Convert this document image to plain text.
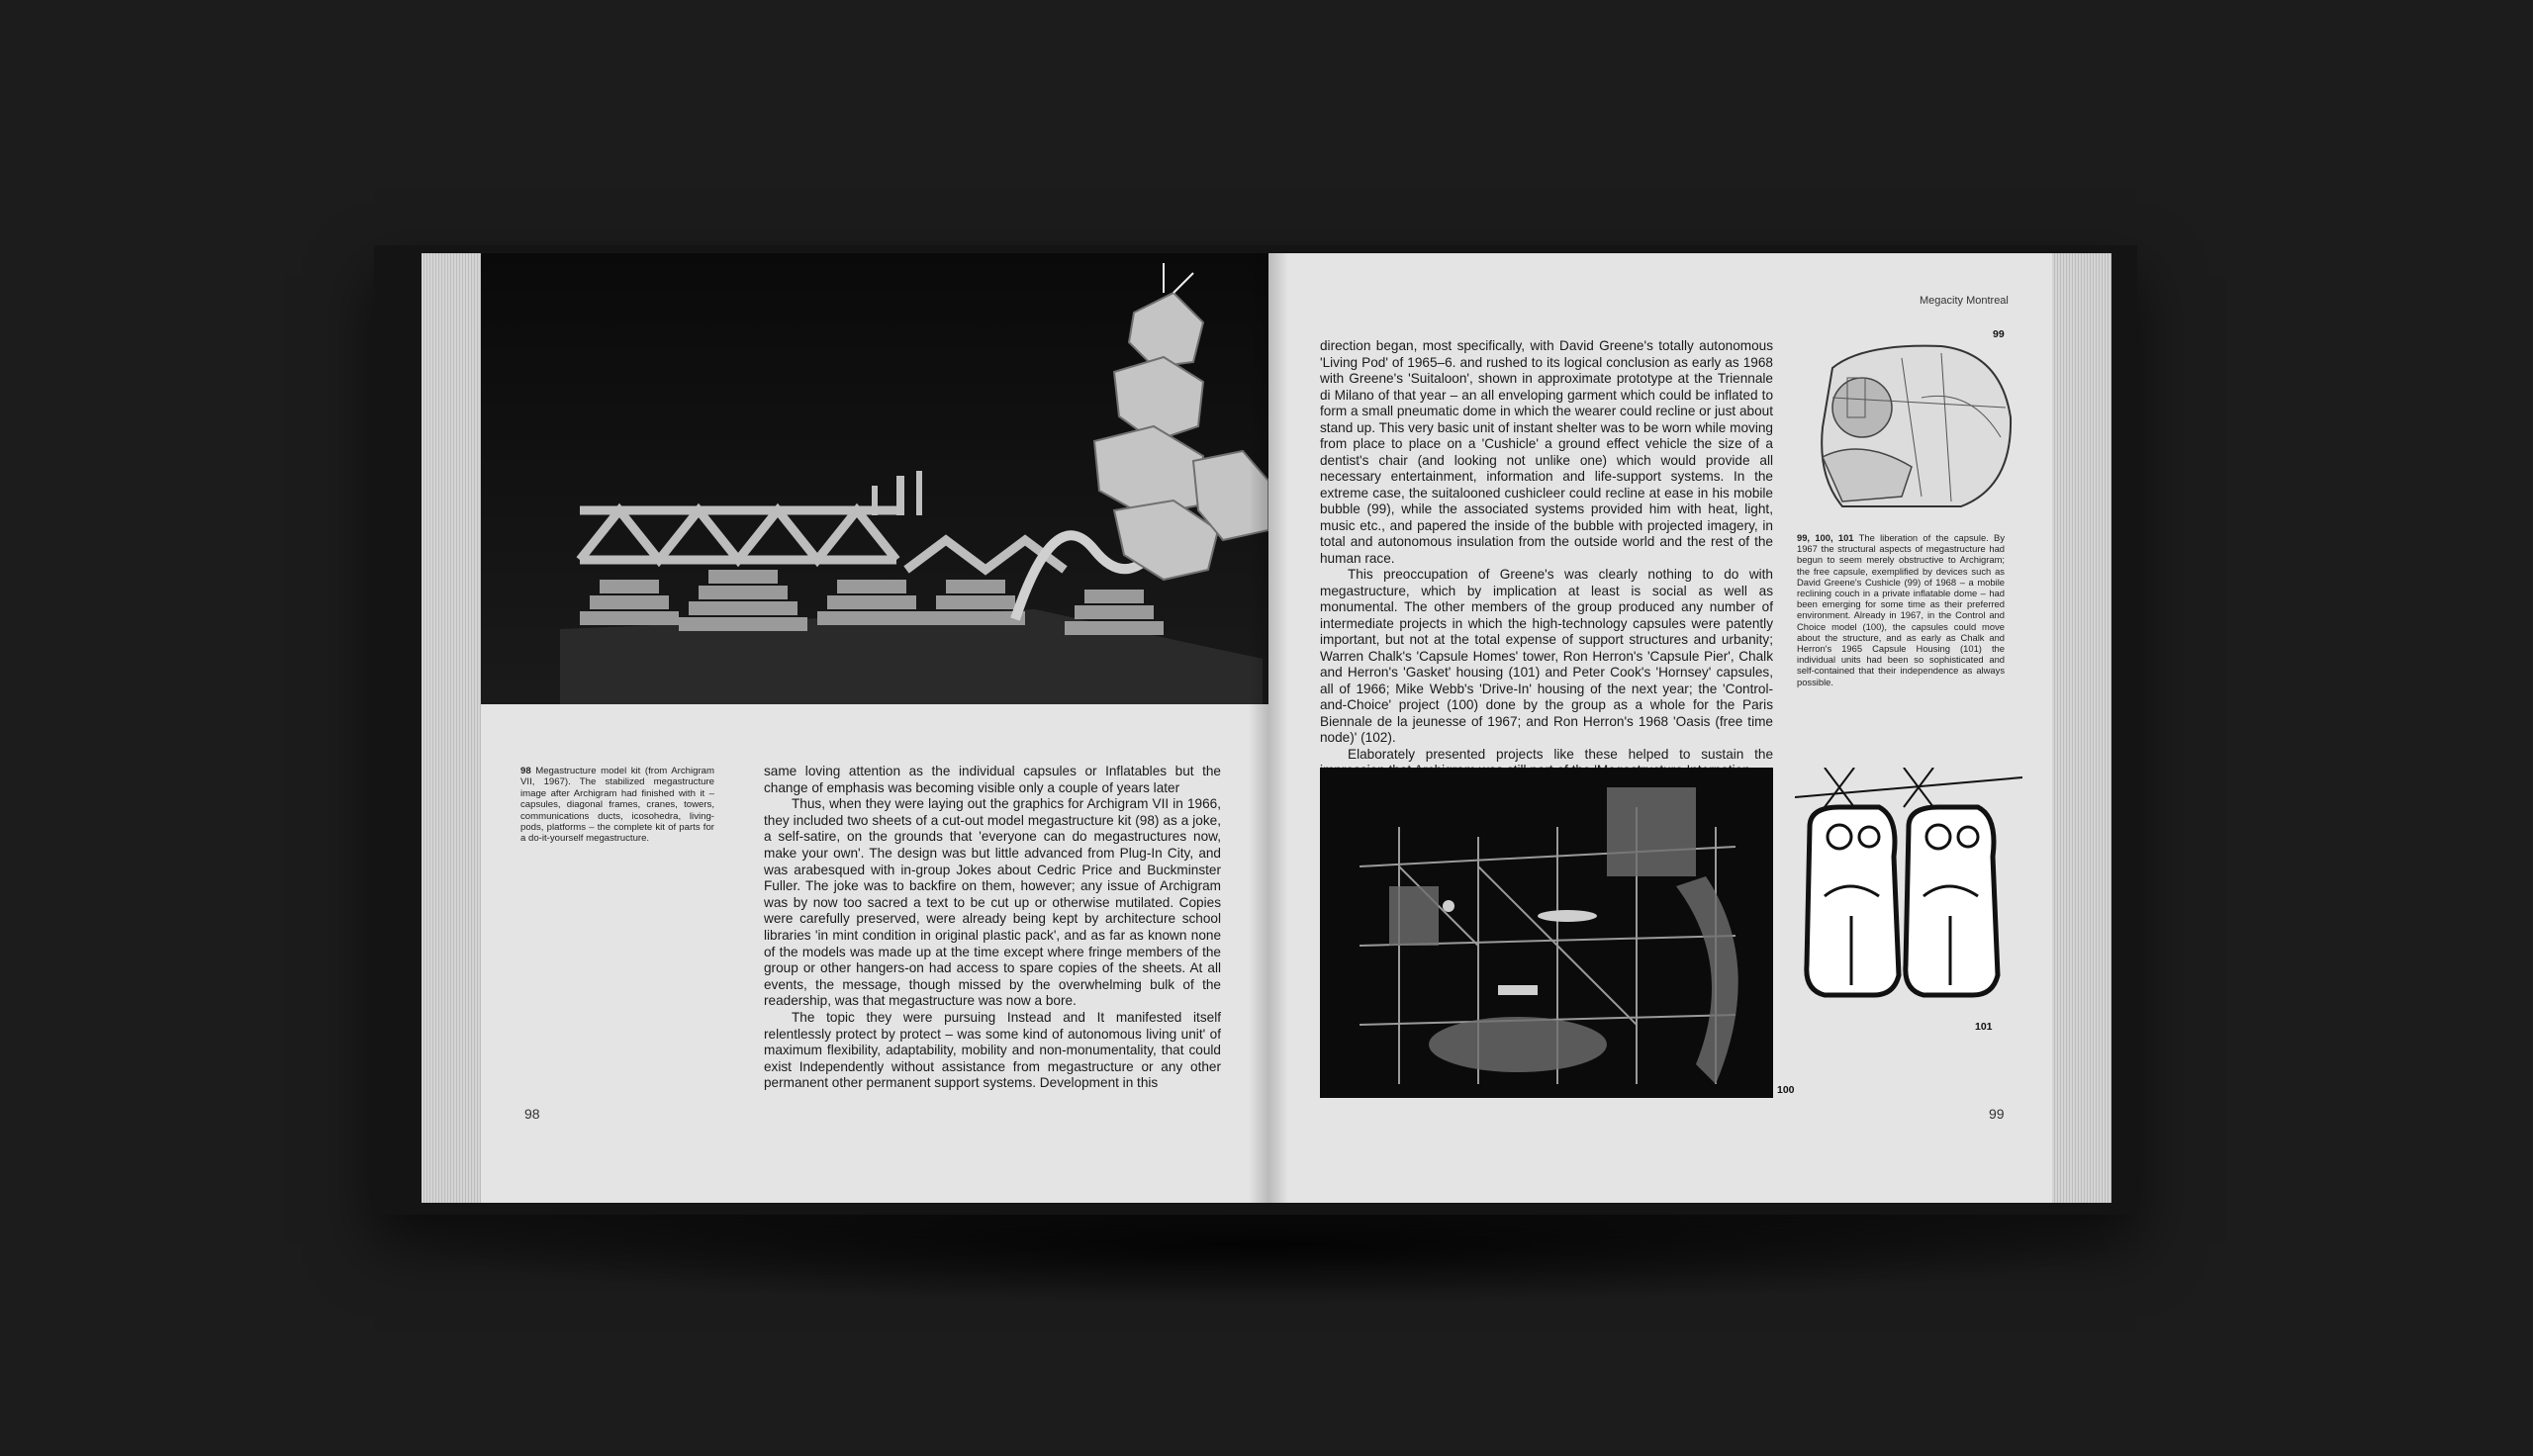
98 Megastructure model kit (from Archigram VII, 1967). The stabilized megastructure image after Archigram had finished with it – capsules, diagonal frames, cranes, towers, communications ducts, icosohedra, living-pods, platforms – the complete kit of parts for a do-it-yourself megastructure.

same loving attention as the individual capsules or Inflatables but the change of emphasis was becoming visible only a couple of years later

Thus, when they were laying out the graphics for Archigram VII in 1966, they included two sheets of a cut-out model megastructure kit (98) as a joke, a self-satire, on the grounds that 'everyone can do megastructures now, make your own'. The design was but little advanced from Plug-In City, and was arabesqued with in-group Jokes about Cedric Price and Buckminster Fuller. The joke was to backfire on them, however; any issue of Archigram was by now too sacred a text to be cut up or otherwise mutilated. Copies were carefully preserved, were already being kept by architecture school libraries 'in mint condition in original plastic pack', and as far as known none of the models was made up at the time except where fringe members of the group or other hangers-on had access to spare copies of the sheets. At all events, the message, though missed by the overwhelming bulk of the readership, was that megastructure was now a bore.

The topic they were pursuing Instead and It manifested itself relentlessly protect by protect – was some kind of autonomous living unit' of maximum flexibility, adaptability, mobility and non-monumentality, that could exist Independently without assistance from megastructure or any other permanent other permanent support systems. Development in this

98
Megacity Montreal

direction began, most specifically, with David Greene's totally autonomous 'Living Pod' of 1965–6. and rushed to its logical conclusion as early as 1968 with Greene's 'Suitaloon', shown in approximate prototype at the Triennale di Milano of that year – an all enveloping garment which could be inflated to form a small pneumatic dome in which the wearer could recline or just about stand up. This very basic unit of instant shelter was to be worn while moving from place to place on a 'Cushicle' a ground effect vehicle the size of a dentist's chair (and looking not unlike one) which would provide all necessary entertainment, information and life-support systems. In the extreme case, the suitalooned cushicleer could recline at ease in his mobile bubble (99), while the associated systems provided him with heat, light, music etc., and papered the inside of the bubble with projected imagery, in total and autonomous insulation from the outside world and the rest of the human race.

This preoccupation of Greene's was clearly nothing to do with megastructure, which by implication at least is social as well as monumental. The other members of the group produced any number of intermediate projects in which the high-technology capsules were patently important, but not at the total expense of support structures and urbanity; Warren Chalk's 'Capsule Homes' tower, Ron Herron's 'Capsule Pier', Chalk and Herron's 'Gasket' housing (101) and Peter Cook's 'Hornsey' capsules, all of 1966; Mike Webb's 'Drive-In' housing of the next year; the 'Control-and-Choice' project (100) done by the group as a whole for the Paris Biennale de la jeunesse of 1967; and Ron Herron's 1968 'Oasis (free time node)' (102).

Elaborately presented projects like these helped to sustain the

99
99, 100, 101 The liberation of the capsule. By 1967 the structural aspects of megastructure had begun to seem merely obstructive to Archigram; the free capsule, exemplified by devices such as David Greene's Cushicle (99) of 1968 – a mobile reclining couch in a private inflatable dome – had been emerging for some time as their preferred environment. Already in 1967, in the Control and Choice model (100), the capsules could move about the structure, and as early as Chalk and Herron's 1965 Capsule Housing (101) the individual units had been so sophisticated and self-contained that their independence as always possible.
100
101
99
